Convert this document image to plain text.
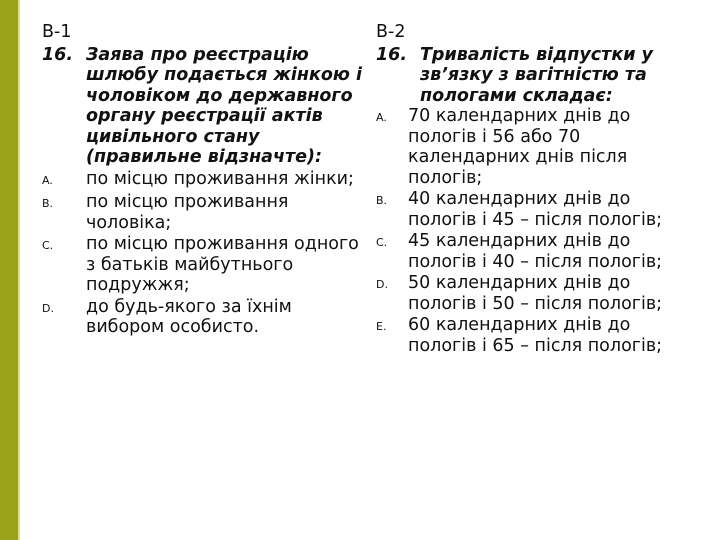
В-1
16. Заява про реєстрацію шлюбу подається жінкою і чоловіком до державного органу реєстрації актів цивільного стану (правильне відзначте):
A.	по місцю проживання жінки;
B.	по місцю проживання чоловіка;
C.	по місцю проживання одного з батьків майбутнього подружжя;
D.	до будь-якого за їхнім вибором особисто.
В-2
16. Тривалість відпустки у зв’язку з вагітністю та пологами складає:
A.	70 календарних днів до пологів і 56 або 70 календарних днів після пологів;
B.	40 календарних днів до пологів і 45 – після пологів;
C.	45 календарних днів до пологів і 40 – після пологів;
D.	50 календарних днів до пологів і 50 – після пологів;
E.	60 календарних днів до пологів і 65 – після пологів;
